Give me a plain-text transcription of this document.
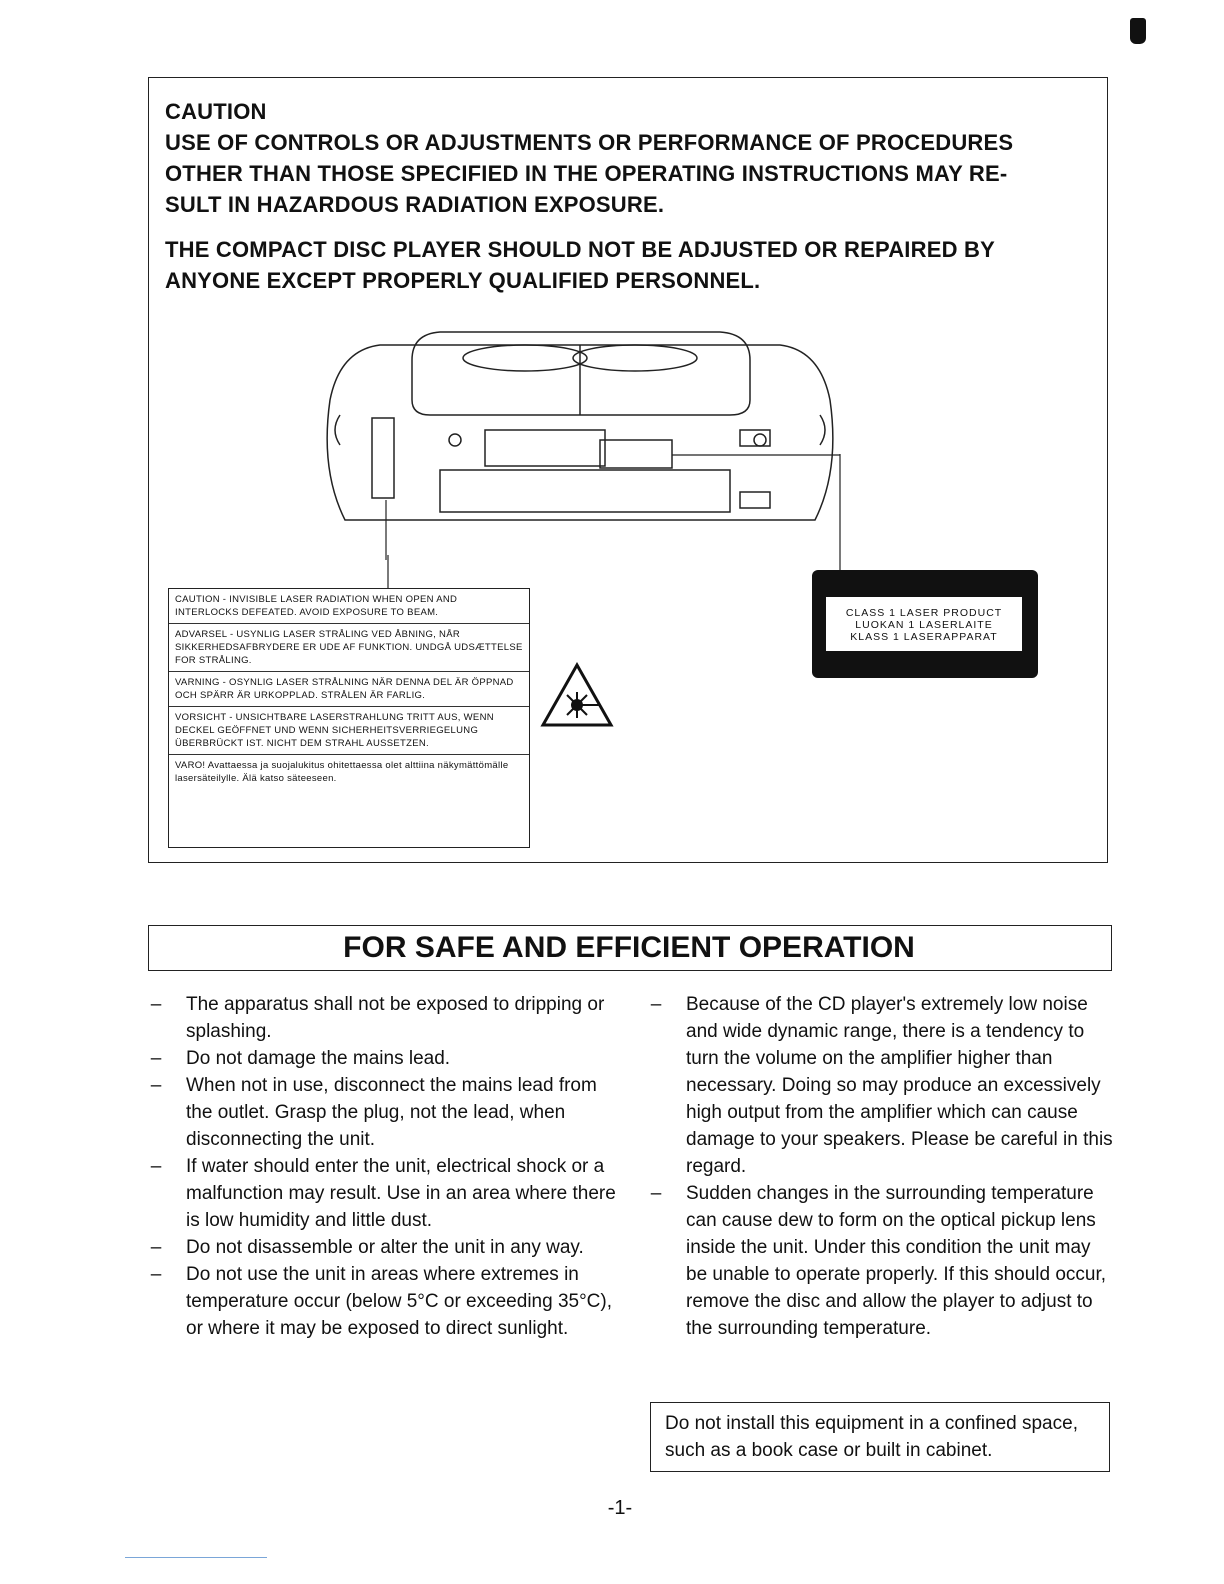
CAUTION

USE OF CONTROLS OR ADJUSTMENTS OR PERFORMANCE OF PROCEDURES

OTHER THAN THOSE SPECIFIED IN THE OPERATING INSTRUCTIONS MAY RE-

SULT IN HAZARDOUS RADIATION EXPOSURE.

THE COMPACT DISC PLAYER SHOULD NOT BE ADJUSTED OR REPAIRED BY

ANYONE EXCEPT PROPERLY QUALIFIED PERSONNEL.

CAUTION - INVISIBLE LASER RADIATION WHEN OPEN AND INTERLOCKS DEFEATED. AVOID EXPOSURE TO BEAM.
ADVARSEL - USYNLIG LASER STRÅLING VED ÅBNING, NÅR SIKKERHEDSAFBRYDERE ER UDE AF FUNKTION. UNDGÅ UDSÆTTELSE FOR STRÅLING.
VARNING - OSYNLIG LASER STRÅLNING NÄR DENNA DEL ÄR ÖPPNAD OCH SPÄRR ÄR URKOPPLAD. STRÅLEN ÄR FARLIG.
VORSICHT - UNSICHTBARE LASERSTRAHLUNG TRITT AUS, WENN DECKEL GEÖFFNET UND WENN SICHERHEITSVERRIEGELUNG ÜBERBRÜCKT IST. NICHT DEM STRAHL AUSSETZEN.
VARO! Avattaessa ja suojalukitus ohitettaessa olet alttiina näkymättömälle lasersäteilylle. Älä katso säteeseen.
CLASS 1 LASER PRODUCT
LUOKAN 1 LASERLAITE
KLASS 1 LASERAPPARAT
FOR SAFE AND EFFICIENT OPERATION
– The apparatus shall not be exposed to dripping or splashing.
– Do not damage the mains lead.
– When not in use, disconnect the mains lead from the outlet. Grasp the plug, not the lead, when disconnecting the unit.
– If water should enter the unit, electrical shock or a malfunction may result. Use in an area where there is low humidity and little dust.
– Do not disassemble or alter the unit in any way.
– Do not use the unit in areas where extremes in temperature occur (below 5°C or exceeding 35°C), or where it may be exposed to direct sunlight.
– Because of the CD player's extremely low noise and wide dynamic range, there is a tendency to turn the volume on the amplifier higher than necessary. Doing so may produce an excessively high output from the amplifier which can cause damage to your speakers. Please be careful in this regard.
– Sudden changes in the surrounding temperature can cause dew to form on the optical pickup lens inside the unit. Under this condition the unit may be unable to operate properly. If this should occur, remove the disc and allow the player to adjust to the surrounding temperature.
Do not install this equipment in a confined space, such as a book case or built in cabinet.
-1-
